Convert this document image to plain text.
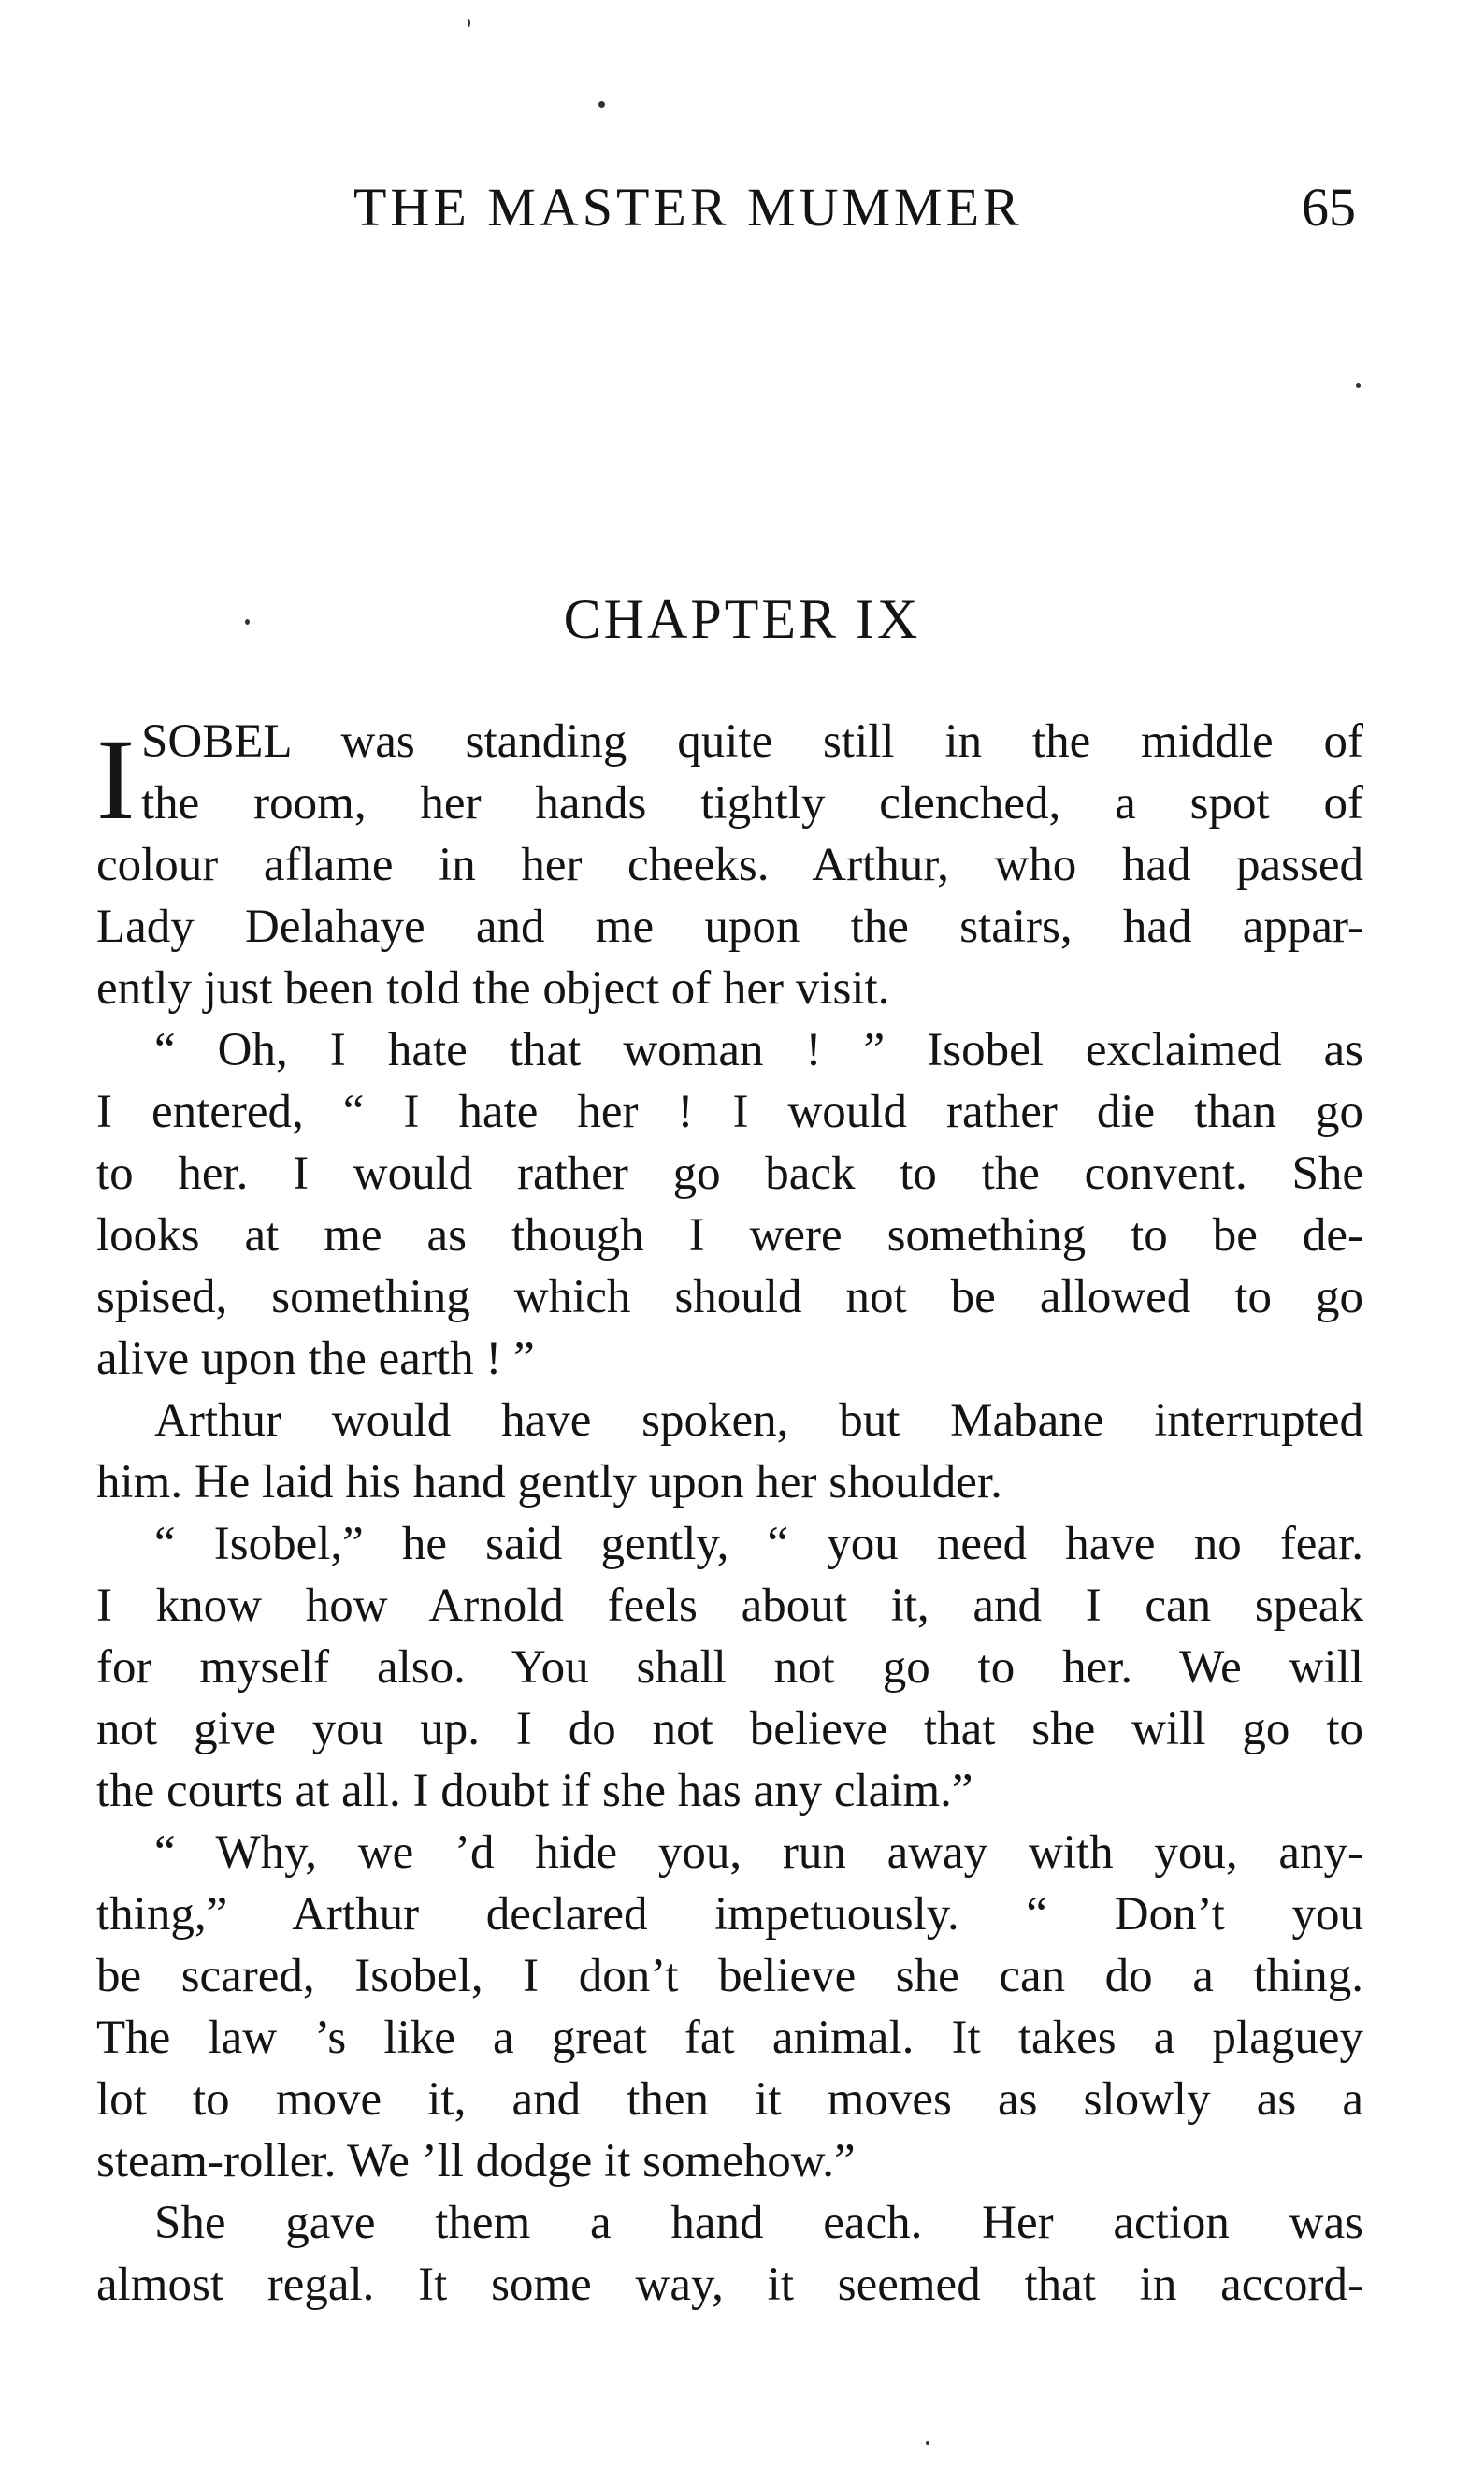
THE MASTER MUMMER	65
CHAPTER IX
I SOBEL was standing quite still in the middle of
the room, her hands tightly clenched, a spot of
colour aflame in her cheeks. Arthur, who had passed
Lady Delahaye and me upon the stairs, had appar-
ently just been told the object of her visit.
“ Oh, I hate that woman ! ” Isobel exclaimed as
I entered, “ I hate her ! I would rather die than go
to her. I would rather go back to the convent. She
looks at me as though I were something to be de-
spised, something which should not be allowed to go
alive upon the earth ! ”
Arthur would have spoken, but Mabane interrupted
him. He laid his hand gently upon her shoulder.
“ Isobel,” he said gently, “ you need have no fear.
I know how Arnold feels about it, and I can speak
for myself also. You shall not go to her. We will
not give you up. I do not believe that she will go to
the courts at all. I doubt if she has any claim.”
“ Why, we ’d hide you, run away with you, any-
thing,” Arthur declared impetuously. “ Don’t you
be scared, Isobel, I don’t believe she can do a thing.
The law ’s like a great fat animal. It takes a plaguey
lot to move it, and then it moves as slowly as a
steam-roller. We ’ll dodge it somehow.”
She gave them a hand each. Her action was
almost regal. It some way, it seemed that in accord-
